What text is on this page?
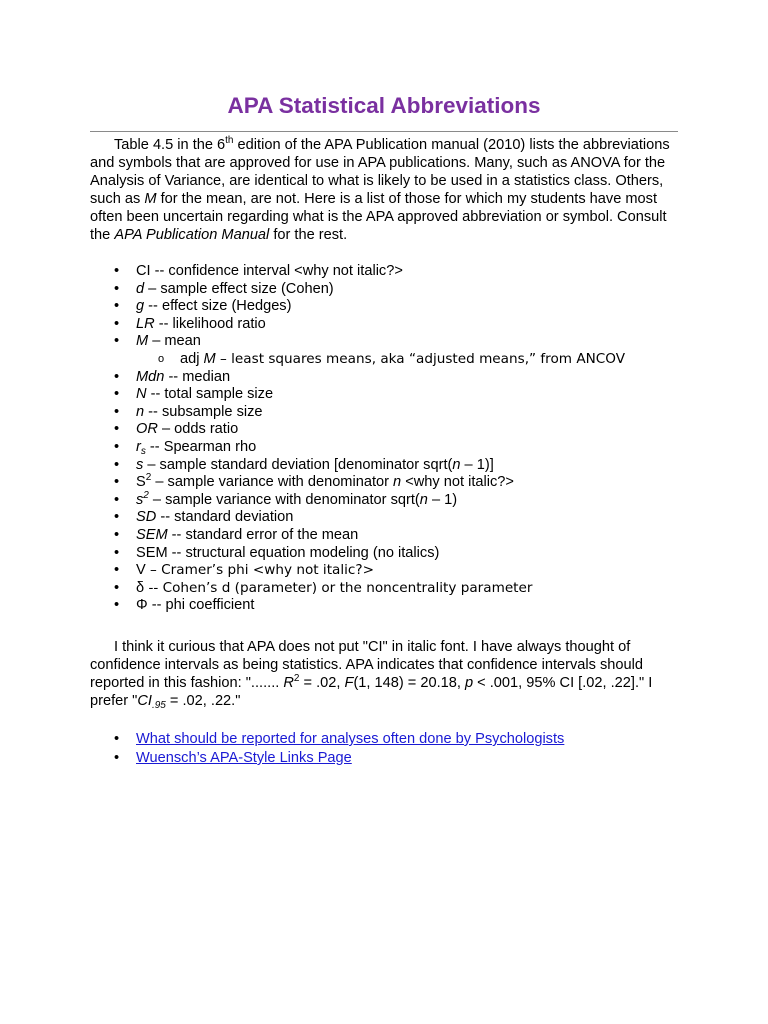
APA Statistical Abbreviations

Table 4.5 in the 6th edition of the APA Publication manual (2010) lists the abbreviations and symbols that are approved for use in APA publications. Many, such as ANOVA for the Analysis of Variance, are identical to what is likely to be used in a statistics class. Others, such as M for the mean, are not. Here is a list of those for which my students have most often been uncertain regarding what is the APA approved abbreviation or symbol. Consult the APA Publication Manual for the rest.

• CI -- confidence interval <why not italic?>
• d – sample effect size (Cohen)
• g -- effect size (Hedges)
• LR -- likelihood ratio
• M – mean
o adj M – least squares means, aka “adjusted means,” from ANCOV
• Mdn -- median
• N -- total sample size
• n -- subsample size
• OR – odds ratio
• $r_s$ -- Spearman rho
• s – sample standard deviation [denominator sqrt(n – 1)]
• $S^2$ – sample variance with denominator n <why not italic?>
• $s^2$ – sample variance with denominator sqrt(n – 1)
• SD -- standard deviation
• SEM -- standard error of the mean
• SEM -- structural equation modeling (no italics)
• V – Cramer’s phi <why not italic?>
• δ -- Cohen’s d (parameter) or the noncentrality parameter
• Φ -- phi coefficient

I think it curious that APA does not put "CI" in italic font. I have always thought of confidence intervals as being statistics. APA indicates that confidence intervals should reported in this fashion: "....... $R^2 = .02$, F(1, 148) = 20.18, p < .001, 95% CI [.02, .22]." I prefer "$CI_{.95} = .02$, .22."

• What should be reported for analyses often done by Psychologists
• Wuensch’s APA-Style Links Page
